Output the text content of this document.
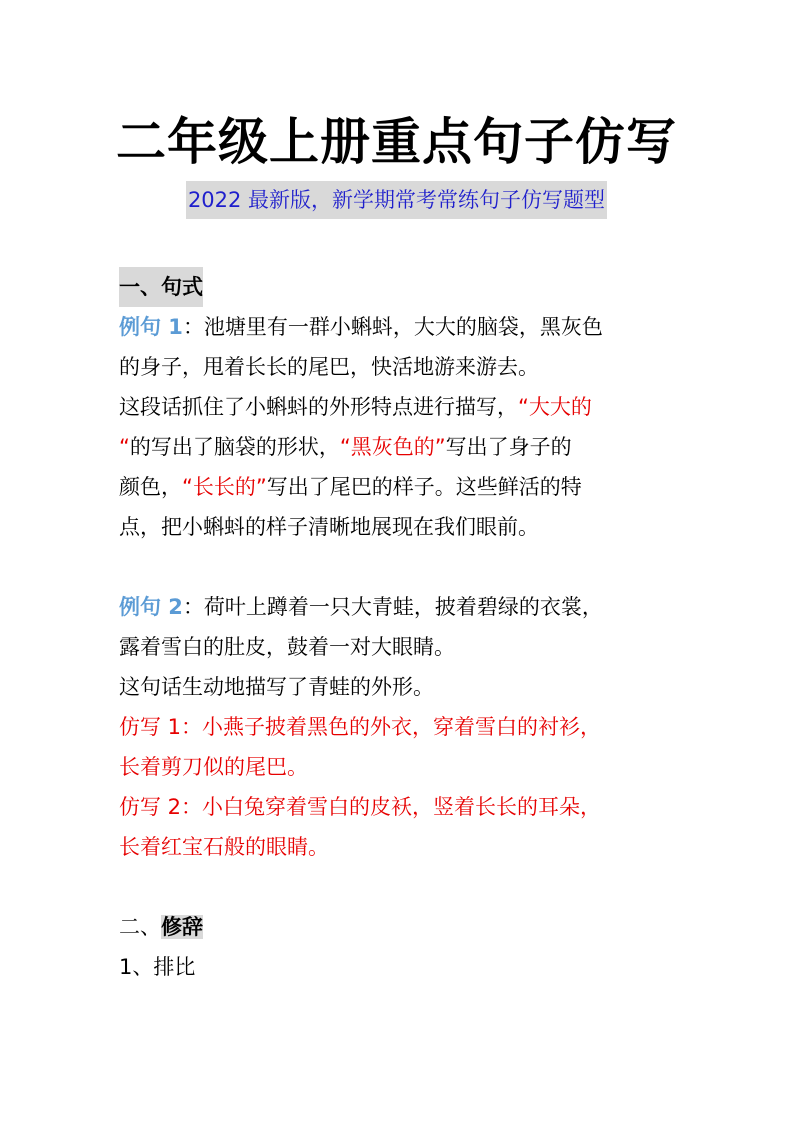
二年级上册重点句子仿写
2022 最新版，新学期常考常练句子仿写题型
一、句式
例句 1：池塘里有一群小蝌蚪，大大的脑袋，黑灰色
的身子，甩着长长的尾巴，快活地游来游去。
这段话抓住了小蝌蚪的外形特点进行描写，“大大的
“的写出了脑袋的形状，“黑灰色的”写出了身子的
颜色，“长长的”写出了尾巴的样子。这些鲜活的特
点，把小蝌蚪的样子清晰地展现在我们眼前。
例句 2：荷叶上蹲着一只大青蛙，披着碧绿的衣裳，
露着雪白的肚皮，鼓着一对大眼睛。
这句话生动地描写了青蛙的外形。
仿写 1：小燕子披着黑色的外衣，穿着雪白的衬衫，
长着剪刀似的尾巴。
仿写 2：小白兔穿着雪白的皮袄，竖着长长的耳朵，
长着红宝石般的眼睛。
二、修辞
1、排比
